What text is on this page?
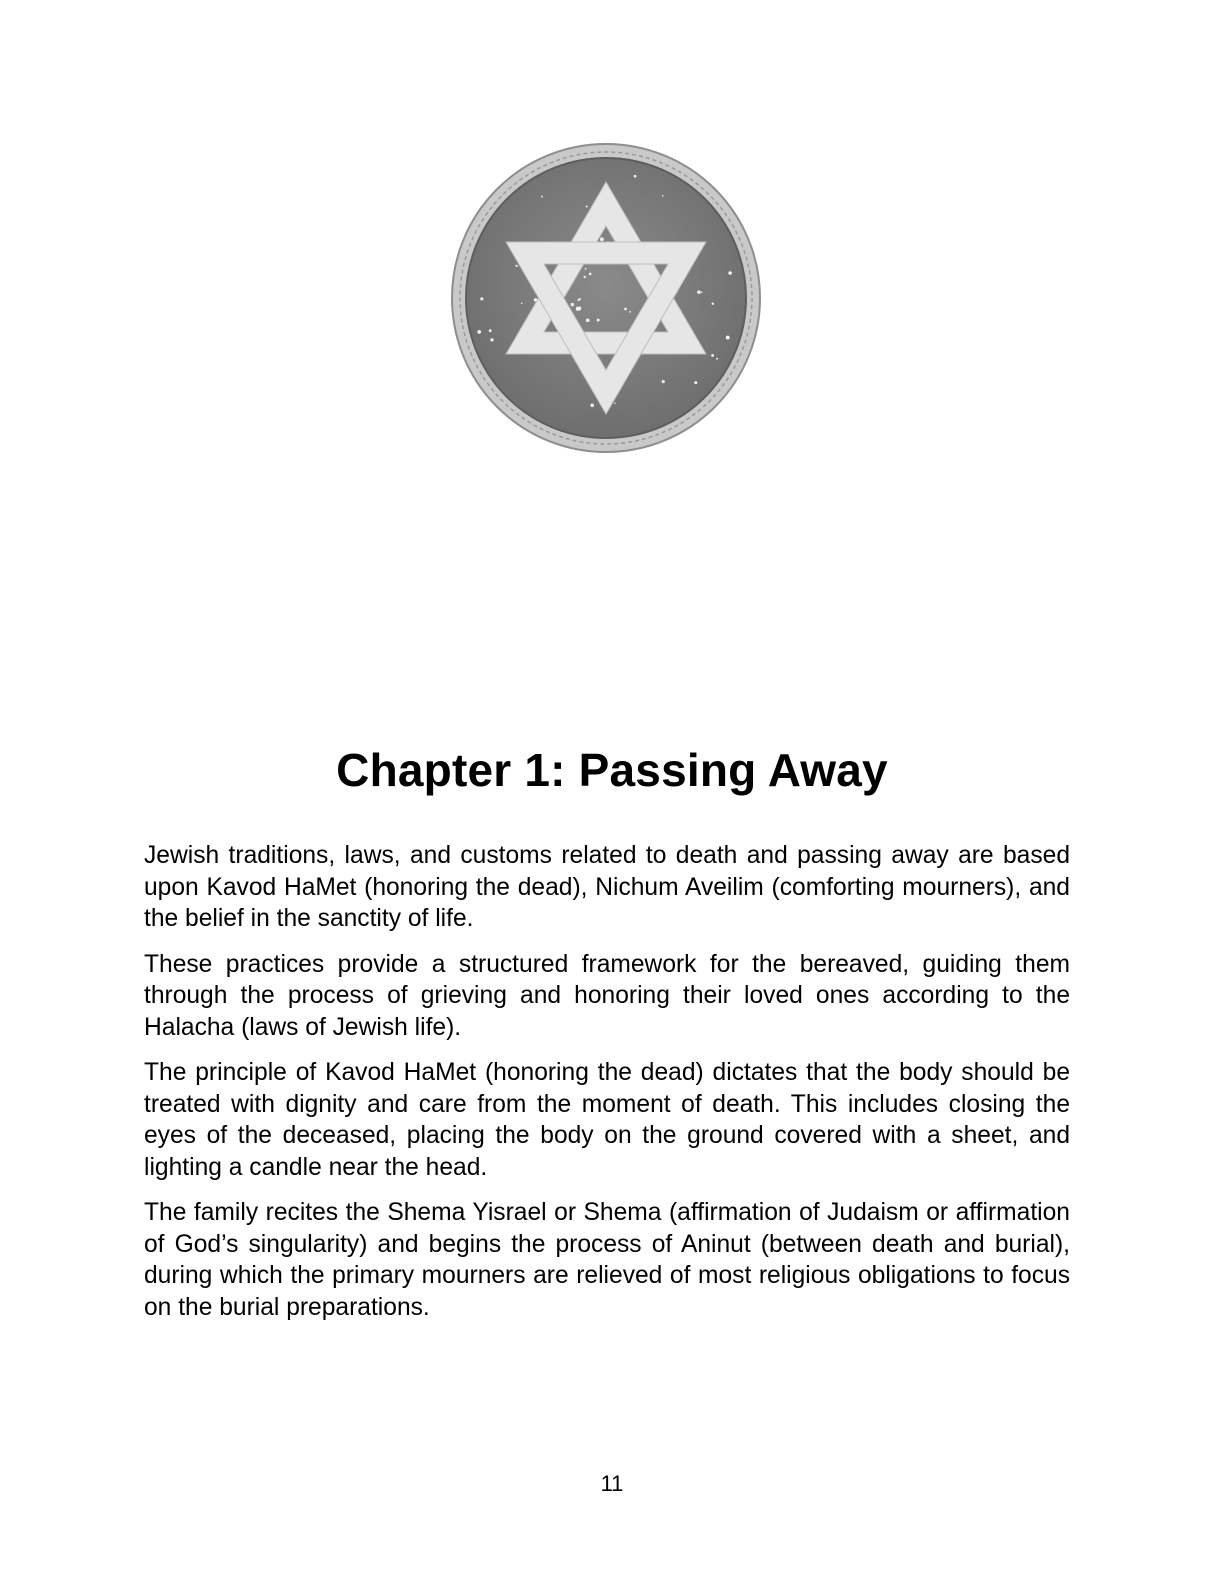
Chapter 1: Passing Away

Jewish traditions, laws, and customs related to death and passing away are based upon Kavod HaMet (honoring the dead), Nichum Aveilim (comforting mourners), and the belief in the sanctity of life.

These practices provide a structured framework for the bereaved, guiding them through the process of grieving and honoring their loved ones according to the Halacha (laws of Jewish life).

The principle of Kavod HaMet (honoring the dead) dictates that the body should be treated with dignity and care from the moment of death. This includes closing the eyes of the deceased, placing the body on the ground covered with a sheet, and lighting a candle near the head.

The family recites the Shema Yisrael or Shema (affirmation of Judaism or affirmation of God’s singularity) and begins the process of Aninut (between death and burial), during which the primary mourners are relieved of most religious obligations to focus on the burial preparations.

11
